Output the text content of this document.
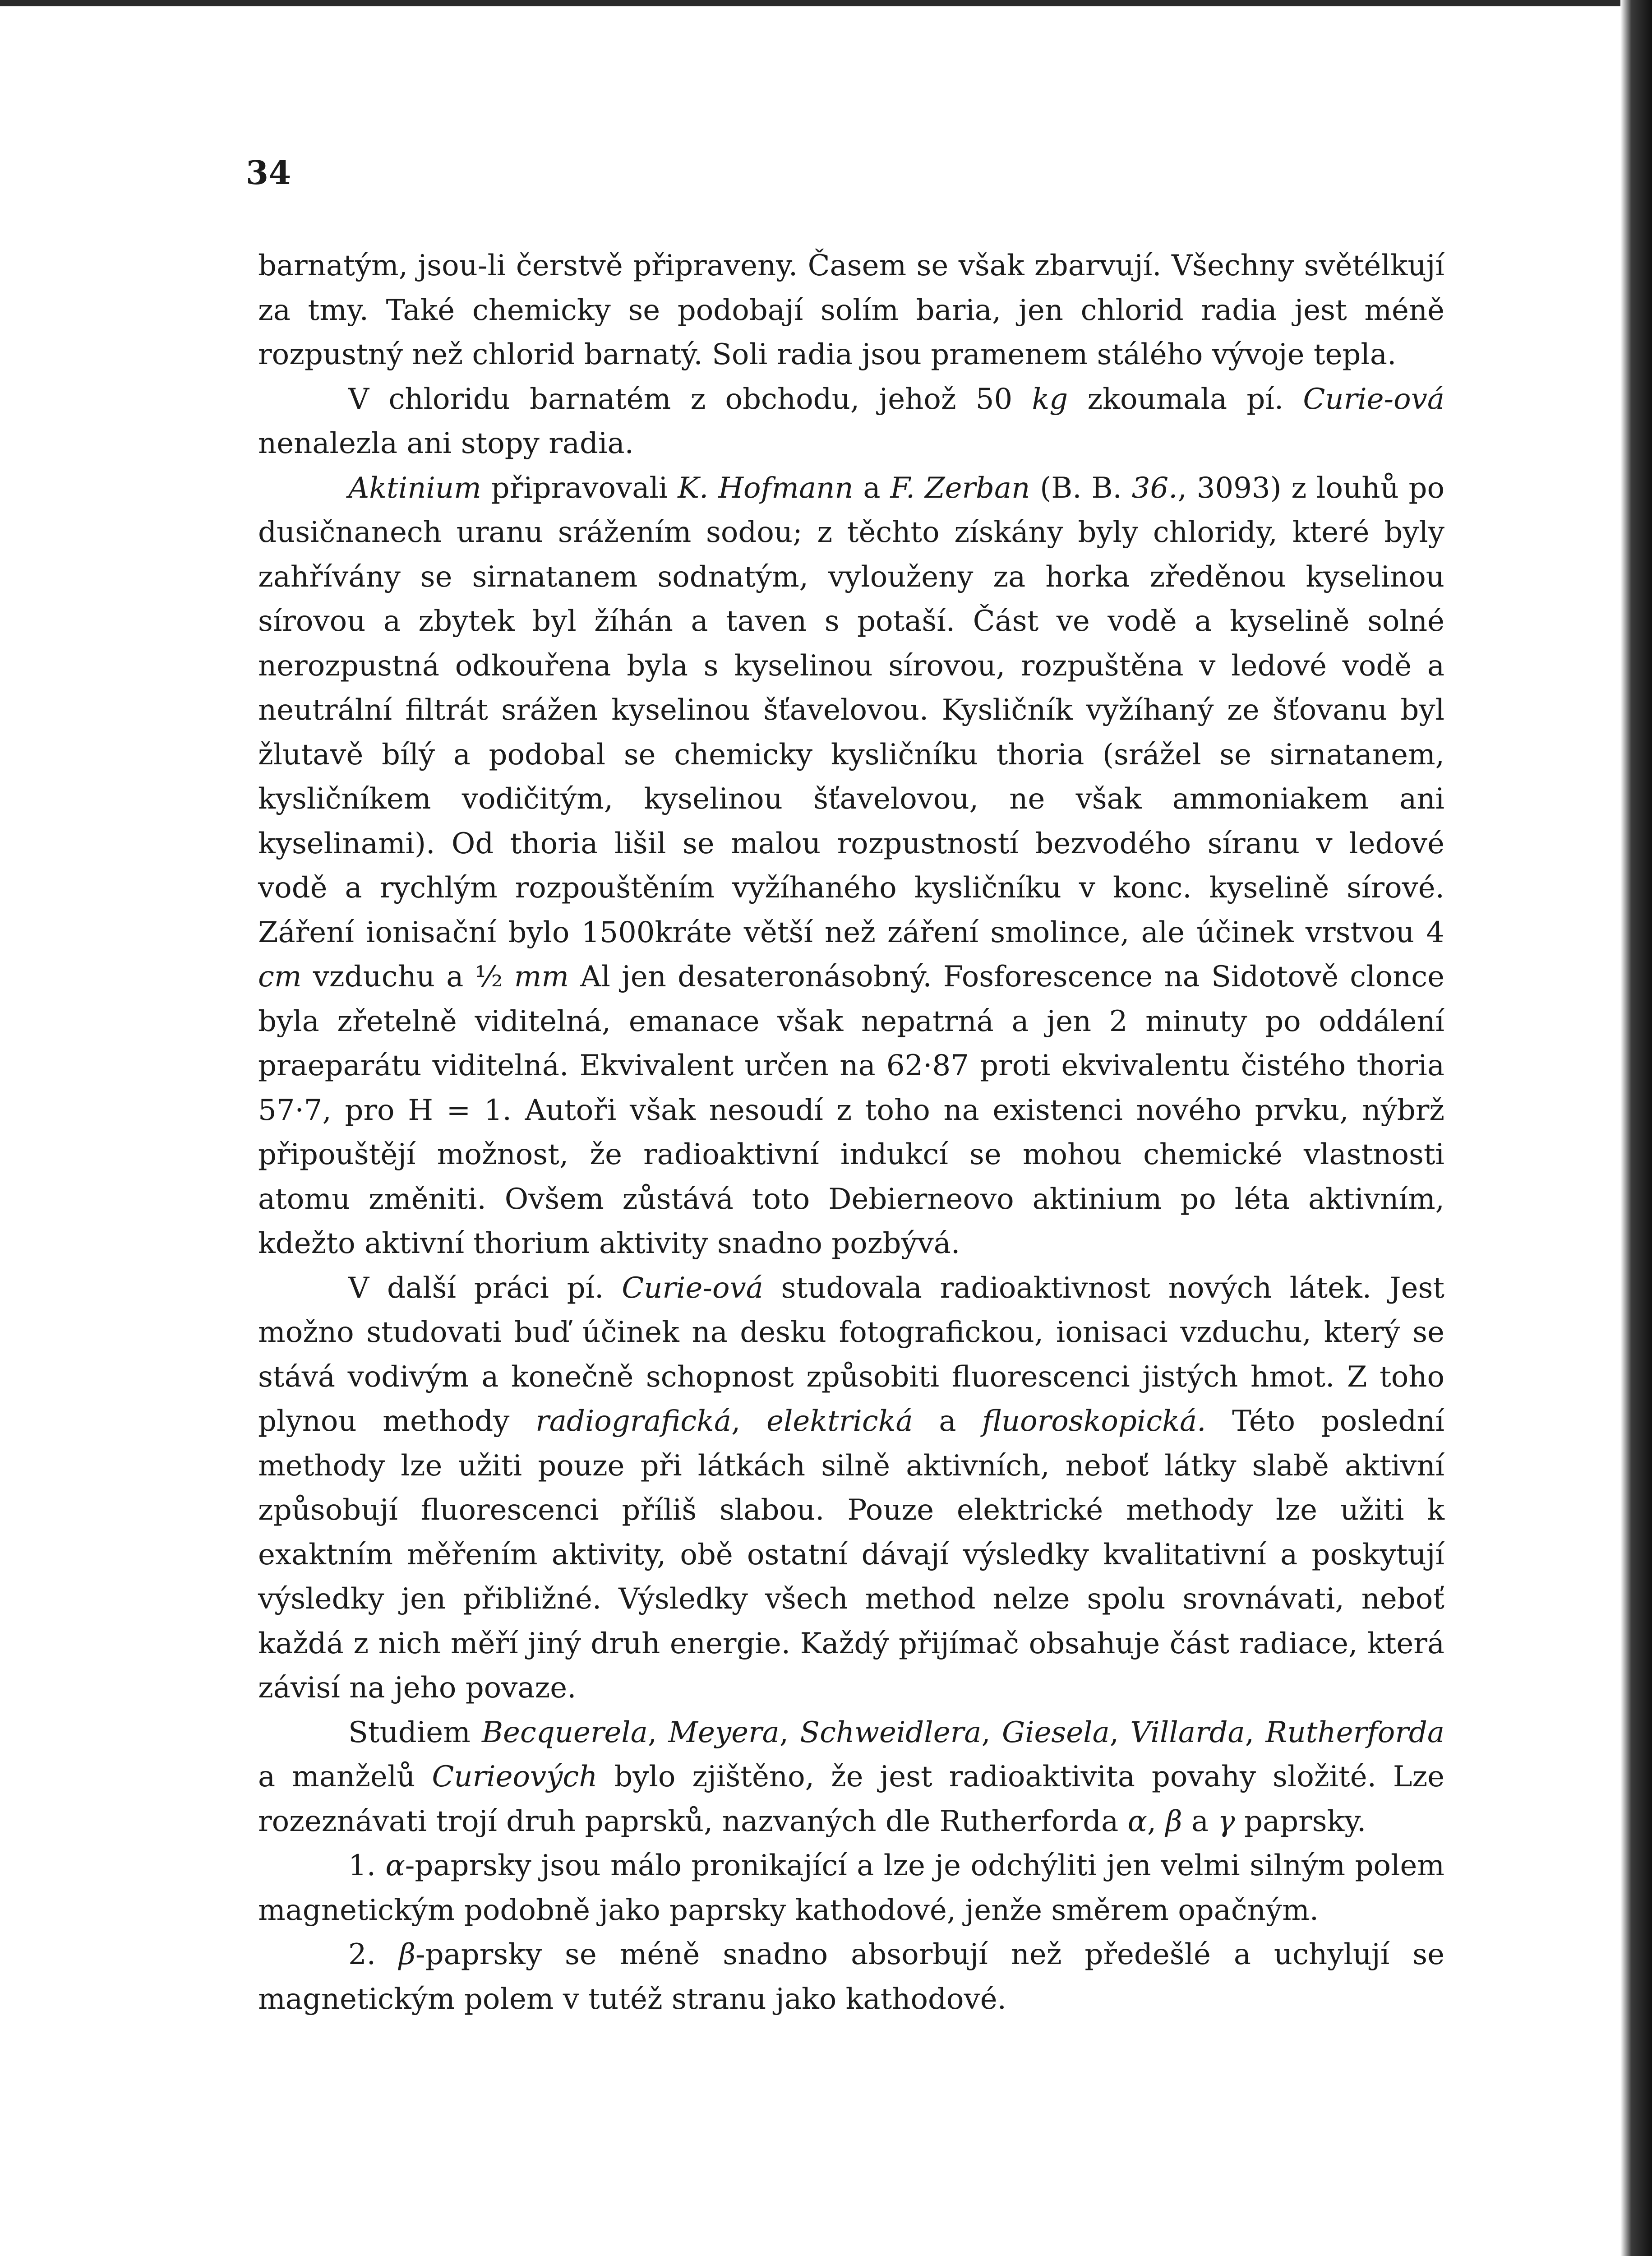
34

barnatým, jsou-li čerstvě připraveny. Časem se však zbarvují. Všechny světélkují za tmy. Také chemicky se podobají solím baria, jen chlorid radia jest méně rozpustný než chlorid barnatý. Soli radia jsou pramenem stálého vývoje tepla.

V chloridu barnatém z obchodu, jehož 50 kg zkoumala pí. Curie-ová nenalezla ani stopy radia.

Aktinium připravovali K. Hofmann a F. Zerban (B. B. 36., 3093) z louhů po dusičnanech uranu srážením sodou; z těchto získány byly chloridy, které byly zahřívány se sirnatanem sodnatým, vylouženy za horka zředěnou kyselinou sírovou a zbytek byl žíhán a taven s potaší. Část ve vodě a kyselině solné nerozpustná odkouřena byla s kyselinou sírovou, rozpuštěna v ledové vodě a neutrální filtrát srážen kyselinou šťavelovou. Kysličník vyžíhaný ze šťovanu byl žlutavě bílý a podobal se chemicky kysličníku thoria (srážel se sirnatanem, kysličníkem vodičitým, kyselinou šťavelovou, ne však ammoniakem ani kyselinami). Od thoria lišil se malou rozpustností bezvodého síranu v ledové vodě a rychlým rozpouštěním vyžíhaného kysličníku v konc. kyselině sírové. Záření ionisační bylo 1500kráte větší než záření smolince, ale účinek vrstvou 4 cm vzduchu a ½ mm Al jen desateronásobný. Fosforescence na Sidotově clonce byla zřetelně viditelná, emanace však nepatrná a jen 2 minuty po oddálení praeparátu viditelná. Ekvivalent určen na 62·87 proti ekvivalentu čistého thoria 57·7, pro H = 1. Autoři však nesoudí z toho na existenci nového prvku, nýbrž připouštějí možnost, že radioaktivní indukcí se mohou chemické vlastnosti atomu změniti. Ovšem zůstává toto Debierneovo aktinium po léta aktivním, kdežto aktivní thorium aktivity snadno pozbývá.

V další práci pí. Curie-ová studovala radioaktivnost nových látek. Jest možno studovati buď účinek na desku fotografickou, ionisaci vzduchu, který se stává vodivým a konečně schopnost způsobiti fluorescenci jistých hmot. Z toho plynou methody radiografická, elektrická a fluoroskopická. Této poslední methody lze užiti pouze při látkách silně aktivních, neboť látky slabě aktivní způsobují fluorescenci příliš slabou. Pouze elektrické methody lze užiti k exaktním měřením aktivity, obě ostatní dávají výsledky kvalitativní a poskytují výsledky jen přibližné. Výsledky všech method nelze spolu srovnávati, neboť každá z nich měří jiný druh energie. Každý přijímač obsahuje část radiace, která závisí na jeho povaze.

Studiem Becquerela, Meyera, Schweidlera, Giesela, Villarda, Rutherforda a manželů Curieových bylo zjištěno, že jest radioaktivita povahy složité. Lze rozeznávati trojí druh paprsků, nazvaných dle Rutherforda α, β a γ paprsky.

1. α-paprsky jsou málo pronikající a lze je odchýliti jen velmi silným polem magnetickým podobně jako paprsky kathodové, jenže směrem opačným.

2. β-paprsky se méně snadno absorbují než předešlé a uchylují se magnetickým polem v tutéž stranu jako kathodové.
